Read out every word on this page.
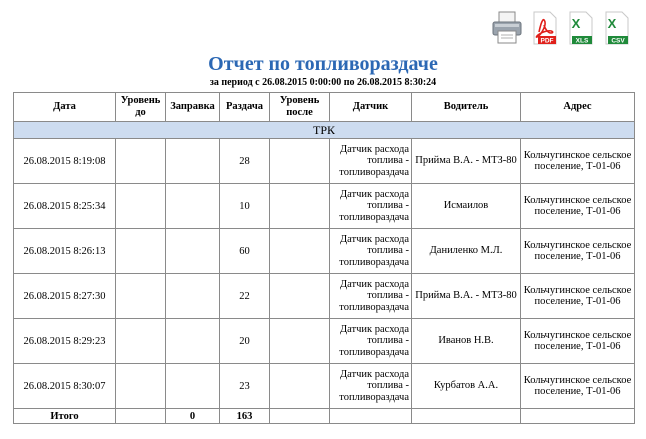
PDF
X
XLS
X
CSV
Отчет по топливораздаче
за период с 26.08.2015 0:00:00 по 26.08.2015 8:30:24
Дата	Уровень до	Заправка	Раздача	Уровень после	Датчик	Водитель	Адрес
ТРК							
26.08.2015 8:19:08			28		Датчик расхода топлива - топливораздача	Прийма В.А. - МТЗ-80	Кольчугинское сельское поселение, Т-01-06
26.08.2015 8:25:34			10		Датчик расхода топлива - топливораздача	Исмаилов	Кольчугинское сельское поселение, Т-01-06
26.08.2015 8:26:13			60		Датчик расхода топлива - топливораздача	Даниленко М.Л.	Кольчугинское сельское поселение, Т-01-06
26.08.2015 8:27:30			22		Датчик расхода топлива - топливораздача	Прийма В.А. - МТЗ-80	Кольчугинское сельское поселение, Т-01-06
26.08.2015 8:29:23			20		Датчик расхода топлива - топливораздача	Иванов Н.В.	Кольчугинское сельское поселение, Т-01-06
26.08.2015 8:30:07			23		Датчик расхода топлива - топливораздача	Курбатов А.А.	Кольчугинское сельское поселение, Т-01-06
Итого		0	163				
